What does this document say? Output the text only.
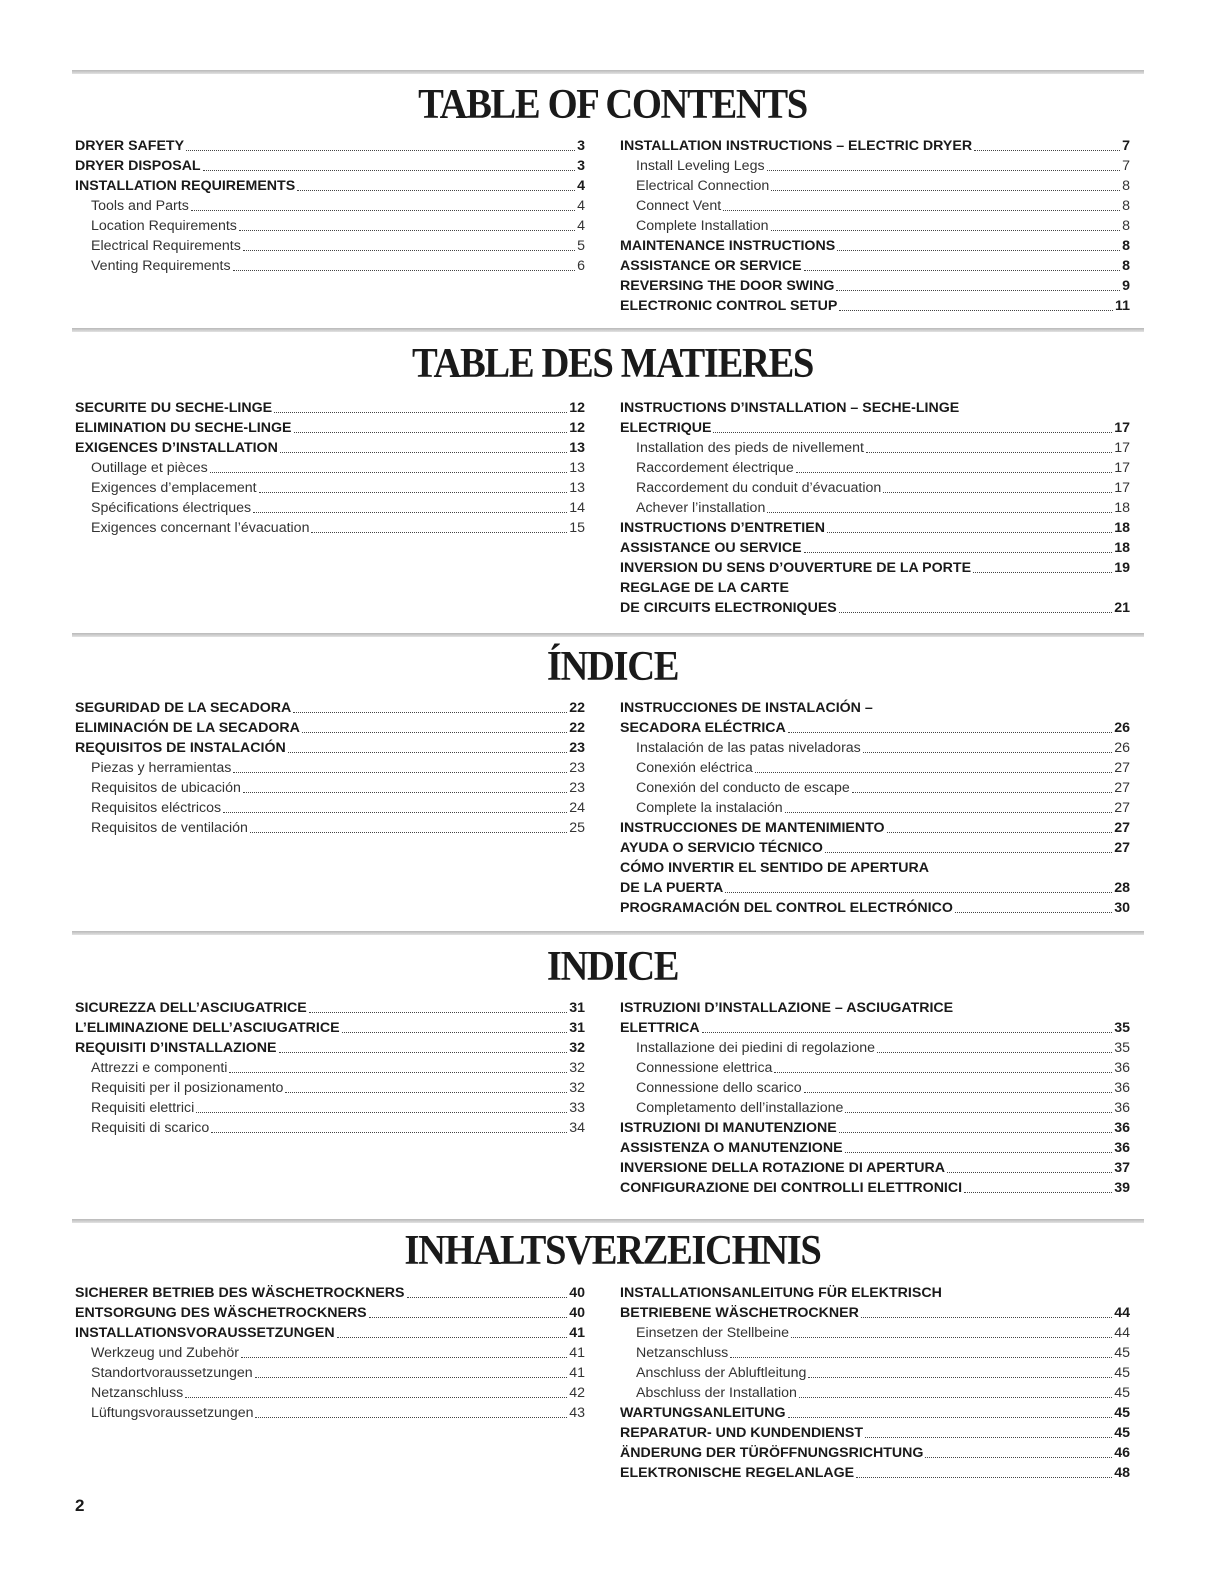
TABLE OF CONTENTS
DRYER SAFETY	3
DRYER DISPOSAL	3
INSTALLATION REQUIREMENTS	4
Tools and Parts	4
Location Requirements	4
Electrical Requirements	5
Venting Requirements	6
INSTALLATION INSTRUCTIONS – ELECTRIC DRYER	7
Install Leveling Legs	7
Electrical Connection	8
Connect Vent	8
Complete Installation	8
MAINTENANCE INSTRUCTIONS	8
ASSISTANCE OR SERVICE	8
REVERSING THE DOOR SWING	9
ELECTRONIC CONTROL SETUP	11
TABLE DES MATIERES
SECURITE DU SECHE-LINGE	12
ELIMINATION DU SECHE-LINGE	12
EXIGENCES D’INSTALLATION	13
Outillage et pièces	13
Exigences d’emplacement	13
Spécifications électriques	14
Exigences concernant l’évacuation	15
INSTRUCTIONS D’INSTALLATION – SECHE-LINGE
ELECTRIQUE	17
Installation des pieds de nivellement	17
Raccordement électrique	17
Raccordement du conduit d’évacuation	17
Achever l’installation	18
INSTRUCTIONS D’ENTRETIEN	18
ASSISTANCE OU SERVICE	18
INVERSION DU SENS D’OUVERTURE DE LA PORTE	19
REGLAGE DE LA CARTE
DE CIRCUITS ELECTRONIQUES	21
ÍNDICE
SEGURIDAD DE LA SECADORA	22
ELIMINACIÓN DE LA SECADORA	22
REQUISITOS DE INSTALACIÓN	23
Piezas y herramientas	23
Requisitos de ubicación	23
Requisitos eléctricos	24
Requisitos de ventilación	25
INSTRUCCIONES DE INSTALACIÓN –
SECADORA ELÉCTRICA	26
Instalación de las patas niveladoras	26
Conexión eléctrica	27
Conexión del conducto de escape	27
Complete la instalación	27
INSTRUCCIONES DE MANTENIMIENTO	27
AYUDA O SERVICIO TÉCNICO	27
CÓMO INVERTIR EL SENTIDO DE APERTURA
DE LA PUERTA	28
PROGRAMACIÓN DEL CONTROL ELECTRÓNICO	30
INDICE
SICUREZZA DELL’ASCIUGATRICE	31
L’ELIMINAZIONE DELL’ASCIUGATRICE	31
REQUISITI D’INSTALLAZIONE	32
Attrezzi e componenti	32
Requisiti per il posizionamento	32
Requisiti elettrici	33
Requisiti di scarico	34
ISTRUZIONI D’INSTALLAZIONE – ASCIUGATRICE
ELETTRICA	35
Installazione dei piedini di regolazione	35
Connessione elettrica	36
Connessione dello scarico	36
Completamento dell’installazione	36
ISTRUZIONI DI MANUTENZIONE	36
ASSISTENZA O MANUTENZIONE	36
INVERSIONE DELLA ROTAZIONE DI APERTURA	37
CONFIGURAZIONE DEI CONTROLLI ELETTRONICI	39
INHALTSVERZEICHNIS
SICHERER BETRIEB DES WÄSCHETROCKNERS	40
ENTSORGUNG DES WÄSCHETROCKNERS	40
INSTALLATIONSVORAUSSETZUNGEN	41
Werkzeug und Zubehör	41
Standortvoraussetzungen	41
Netzanschluss	42
Lüftungsvoraussetzungen	43
INSTALLATIONSANLEITUNG FÜR ELEKTRISCH
BETRIEBENE WÄSCHETROCKNER	44
Einsetzen der Stellbeine	44
Netzanschluss	45
Anschluss der Abluftleitung	45
Abschluss der Installation	45
WARTUNGSANLEITUNG	45
REPARATUR- UND KUNDENDIENST	45
ÄNDERUNG DER TÜRÖFFNUNGSRICHTUNG	46
ELEKTRONISCHE REGELANLAGE	48
2
